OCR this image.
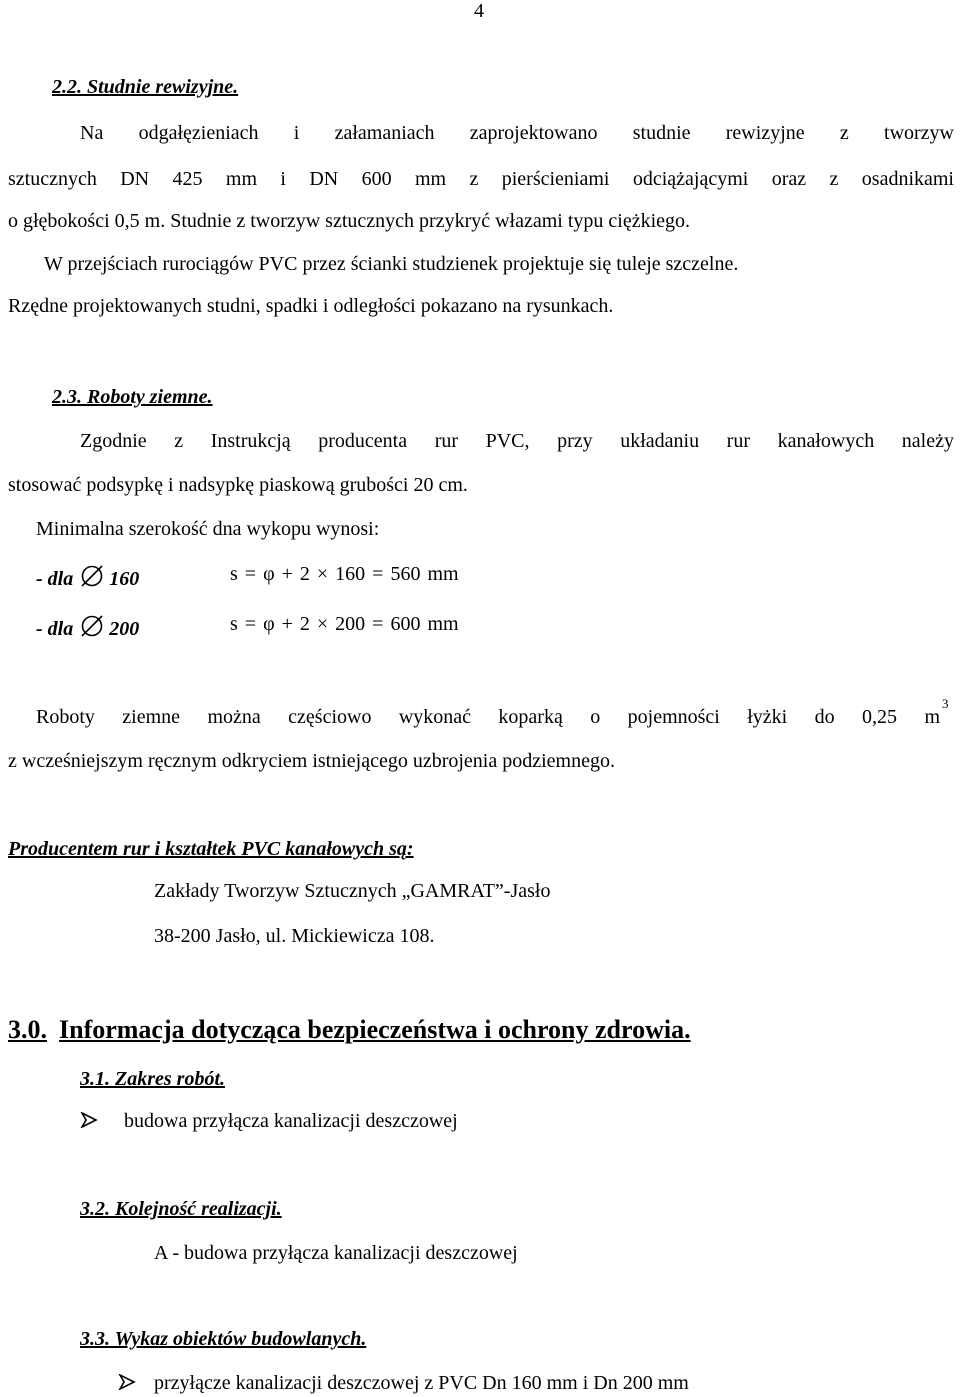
4
2.2. Studnie rewizyjne.
Na odgałęzieniach i załamaniach zaprojektowano studnie rewizyjne z tworzyw
sztucznych DN 425 mm i DN 600 mm z pierścieniami odciążającymi oraz z osadnikami
o głębokości 0,5 m. Studnie z tworzyw sztucznych przykryć włazami typu ciężkiego.
W przejściach rurociągów PVC przez ścianki studzienek projektuje się tuleje szczelne.
Rzędne projektowanych studni, spadki i odległości pokazano na rysunkach.
2.3. Roboty ziemne.
Zgodnie z Instrukcją producenta rur PVC, przy układaniu rur kanałowych należy
stosować podsypkę i nadsypkę piaskową grubości 20 cm.
Minimalna szerokość dna wykopu wynosi:
- dla 160	s = φ + 2 × 160 = 560 mm
- dla 200	s = φ + 2 × 200 = 600 mm
Roboty ziemne można częściowo wykonać koparką o pojemności łyżki do 0,25 m
3
z wcześniejszym ręcznym odkryciem istniejącego uzbrojenia podziemnego.
Producentem rur i kształtek PVC kanałowych są:
Zakłady Tworzyw Sztucznych „GAMRAT”-Jasło
38-200 Jasło, ul. Mickiewicza 108.
3.0. Informacja dotycząca bezpieczeństwa i ochrony zdrowia.
3.1. Zakres robót.
budowa przyłącza kanalizacji deszczowej
3.2. Kolejność realizacji.
A - budowa przyłącza kanalizacji deszczowej
3.3. Wykaz obiektów budowlanych.
przyłącze kanalizacji deszczowej z PVC Dn 160 mm i Dn 200 mm
